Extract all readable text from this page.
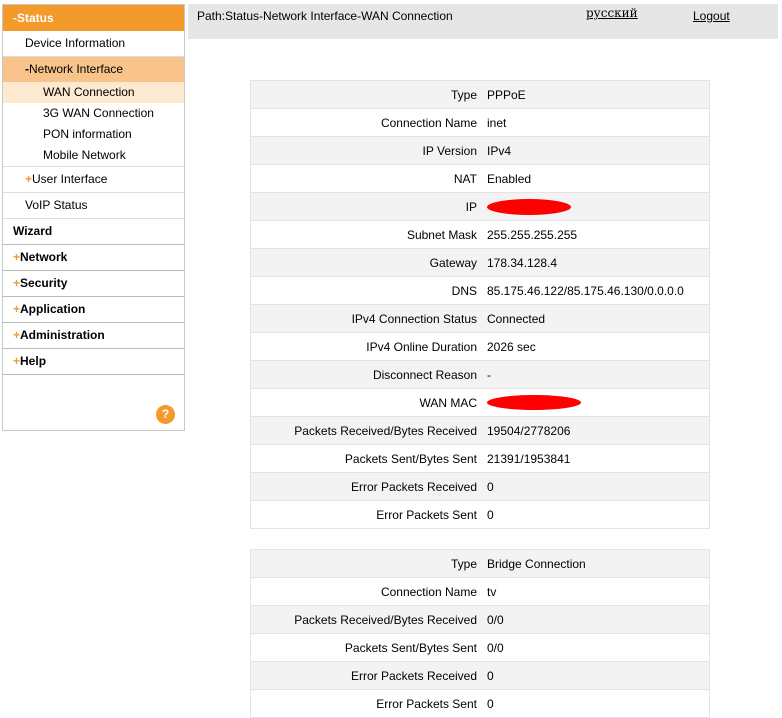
-Status
Device Information
-Network Interface
WAN Connection
3G WAN Connection
PON information
Mobile Network
+User Interface
VoIP Status
Wizard
+Network
+Security
+Application
+Administration
+Help
?
Path:Status-Network Interface-WAN Connection	русский	Logout
Type	PPPoE
Connection Name	inet
IP Version	IPv4
NAT	Enabled
IP	
Subnet Mask	255.255.255.255
Gateway	178.34.128.4
DNS	85.175.46.122/85.175.46.130/0.0.0.0
IPv4 Connection Status	Connected
IPv4 Online Duration	2026 sec
Disconnect Reason	-
WAN MAC	
Packets Received/Bytes Received	19504/2778206
Packets Sent/Bytes Sent	21391/1953841
Error Packets Received	0
Error Packets Sent	0
Type	Bridge Connection
Connection Name	tv
Packets Received/Bytes Received	0/0
Packets Sent/Bytes Sent	0/0
Error Packets Received	0
Error Packets Sent	0
